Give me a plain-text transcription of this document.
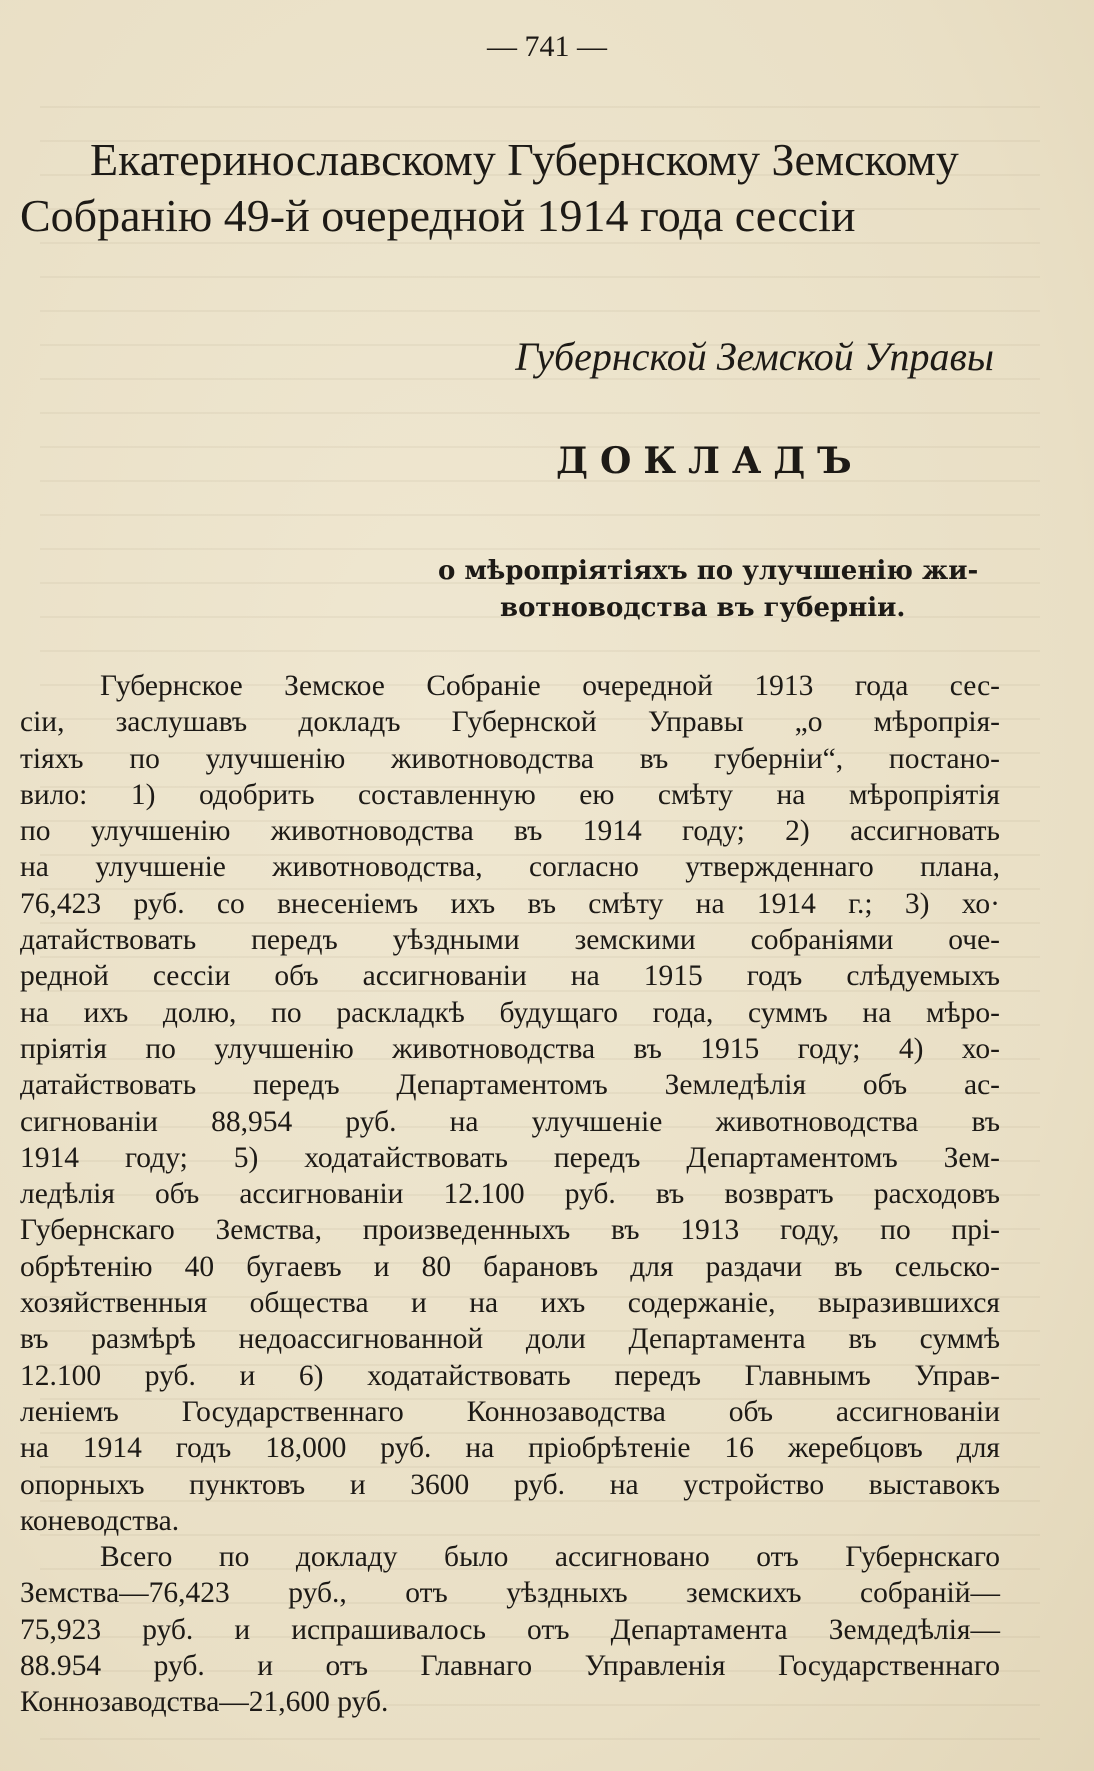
— 741 —
Екатеринославскому Губернскому Земскому
Собранію 49-й очередной 1914 года сессіи
Губернской Земской Управы
ДОКЛАДЪ
о мѣропріятіяхъ по улучшенію жи-
вотноводства въ губерніи.
Губернское Земское Собраніе очередной 1913 года сес-
сіи, заслушавъ докладъ Губернской Управы „о мѣропрія-
тіяхъ по улучшенію животноводства въ губерніи“, постано-
вило: 1) одобрить составленную ею смѣту на мѣропріятія
по улучшенію животноводства въ 1914 году; 2) ассигновать
на улучшеніе животноводства, согласно утвержденнаго плана,
76,423 руб. со внесеніемъ ихъ въ смѣту на 1914 г.; 3) хо·
датайствовать передъ уѣздными земскими собраніями оче-
редной сессіи объ ассигнованіи на 1915 годъ слѣдуемыхъ
на ихъ долю, по раскладкѣ будущаго года, суммъ на мѣро-
пріятія по улучшенію животноводства въ 1915 году; 4) хо-
датайствовать передъ Департаментомъ Земледѣлія объ ас-
сигнованіи 88,954 руб. на улучшеніе животноводства въ
1914 году; 5) ходатайствовать передъ Департаментомъ Зем-
ледѣлія объ ассигнованіи 12.100 руб. въ возвратъ расходовъ
Губернскаго Земства, произведенныхъ въ 1913 году, по прі-
обрѣтенію 40 бугаевъ и 80 барановъ для раздачи въ сельско-
хозяйственныя общества и на ихъ содержаніе, выразившихся
въ размѣрѣ недоассигнованной доли Департамента въ суммѣ
12.100 руб. и 6) ходатайствовать передъ Главнымъ Управ-
леніемъ Государственнаго Коннозаводства объ ассигнованіи
на 1914 годъ 18,000 руб. на пріобрѣтеніе 16 жеребцовъ для
опорныхъ пунктовъ и 3600 руб. на устройство выставокъ
коневодства.
Всего по докладу было ассигновано отъ Губернскаго
Земства—76,423 руб., отъ уѣздныхъ земскихъ собраній—
75,923 руб. и испрашивалось отъ Департамента Земдедѣлія—
88.954 руб. и отъ Главнаго Управленія Государственнаго
Коннозаводства—21,600 руб.
